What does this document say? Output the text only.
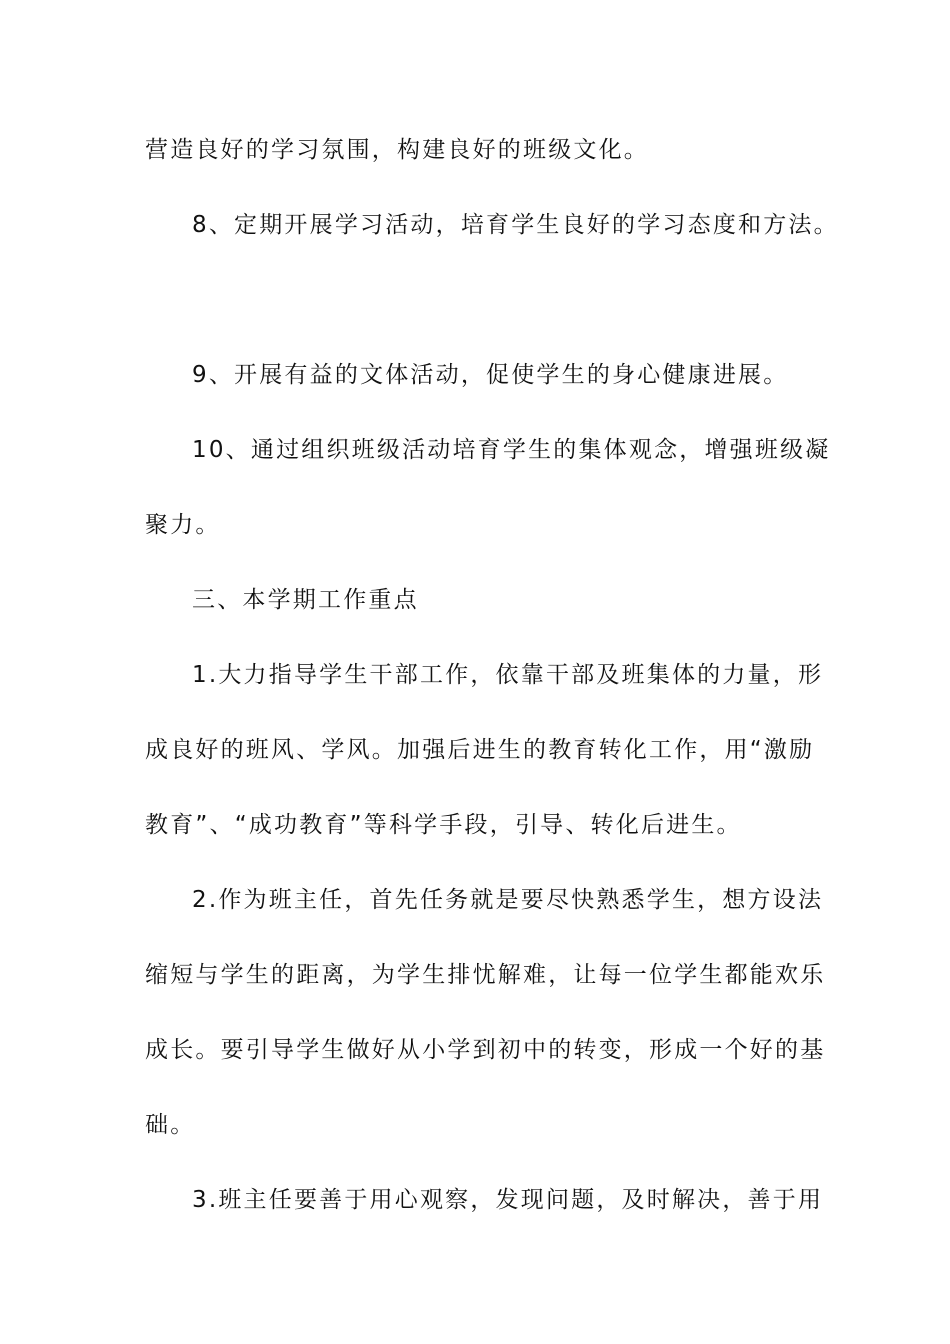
营造良好的学习氛围，构建良好的班级文化。

8、定期开展学习活动，培育学生良好的学习态度和方法。

9、开展有益的文体活动，促使学生的身心健康进展。

10、通过组织班级活动培育学生的集体观念，增强班级凝

聚力。

三、本学期工作重点

1.大力指导学生干部工作，依靠干部及班集体的力量，形

成良好的班风、学风。加强后进生的教育转化工作，用“激励

教育”、“成功教育”等科学手段，引导、转化后进生。

2.作为班主任，首先任务就是要尽快熟悉学生，想方设法

缩短与学生的距离，为学生排忧解难，让每一位学生都能欢乐

成长。要引导学生做好从小学到初中的转变，形成一个好的基

础。

3.班主任要善于用心观察，发现问题，及时解决，善于用
